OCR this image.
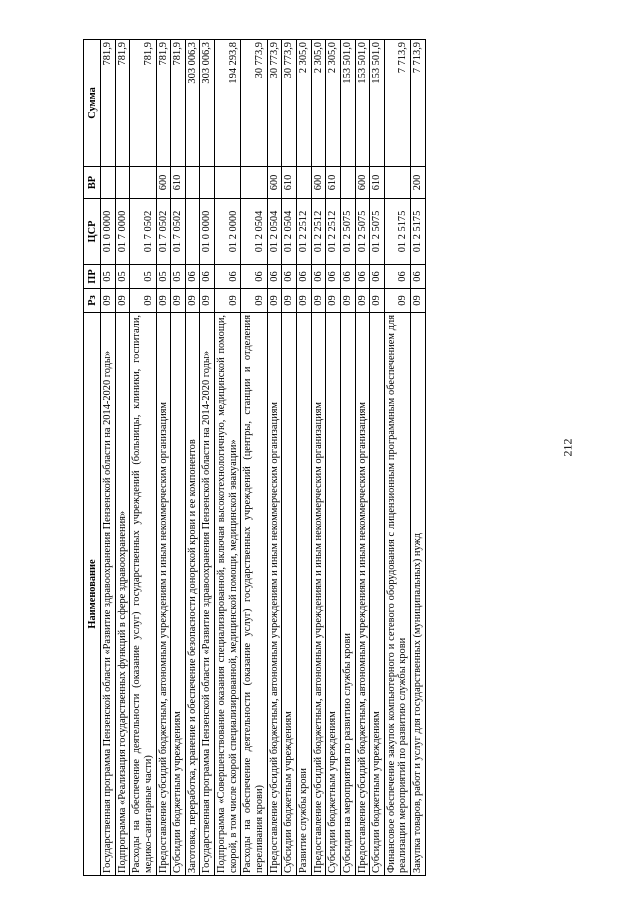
212
Наименование	Рз	ПР	ЦСР	ВР	Сумма
Государственная программа Пензенской области «Развитие здравоохранения Пензенской области на 2014-2020 годы»	09	05	01 0 0000		781,9
Подпрограмма «Реализация государственных функций в сфере здравоохранения»	09	05	01 7 0000		781,9
Расходы на обеспечение деятельности (оказание услуг) государственных учреждений (больницы, клиники, госпитали, медико-санитарные части)	09	05	01 7 0502		781,9
Предоставление субсидий бюджетным, автономным учреждениям и иным некоммерческим организациям	09	05	01 7 0502	600	781,9
Субсидии бюджетным учреждениям	09	05	01 7 0502	610	781,9
Заготовка, переработка, хранение и обеспечение безопасности донорской крови и ее компонентов	09	06			303 006,3
Государственная программа Пензенской области «Развитие здравоохранения Пензенской области на 2014-2020 годы»	09	06	01 0 0000		303 006,3
Подпрограмма «Совершенствование оказания специализированной, включая высокотехнологичную, медицинской помощи, скорой, в том числе скорой специализированной, медицинской помощи, медицинской эвакуации»	09	06	01 2 0000		194 293,8
Расходы на обеспечение деятельности (оказание услуг) государственных учреждений (центры, станции и отделения переливания крови)	09	06	01 2 0504		30 773,9
Предоставление субсидий бюджетным, автономным учреждениям и иным некоммерческим организациям	09	06	01 2 0504	600	30 773,9
Субсидии бюджетным учреждениям	09	06	01 2 0504	610	30 773,9
Развитие службы крови	09	06	01 2 2512		2 305,0
Предоставление субсидий бюджетным, автономным учреждениям и иным некоммерческим организациям	09	06	01 2 2512	600	2 305,0
Субсидии бюджетным учреждениям	09	06	01 2 2512	610	2 305,0
Субсидии на мероприятия по развитию службы крови	09	06	01 2 5075		153 501,0
Предоставление субсидий бюджетным, автономным учреждениям и иным некоммерческим организациям	09	06	01 2 5075	600	153 501,0
Субсидии бюджетным учреждениям	09	06	01 2 5075	610	153 501,0
Финансовое обеспечение закупок компьютерного и сетевого оборудования с лицензионным программным обеспечением для реализации мероприятий по развитию службы крови	09	06	01 2 5175		7 713,9
Закупка товаров, работ и услуг для государственных (муниципальных) нужд	09	06	01 2 5175	200	7 713,9
